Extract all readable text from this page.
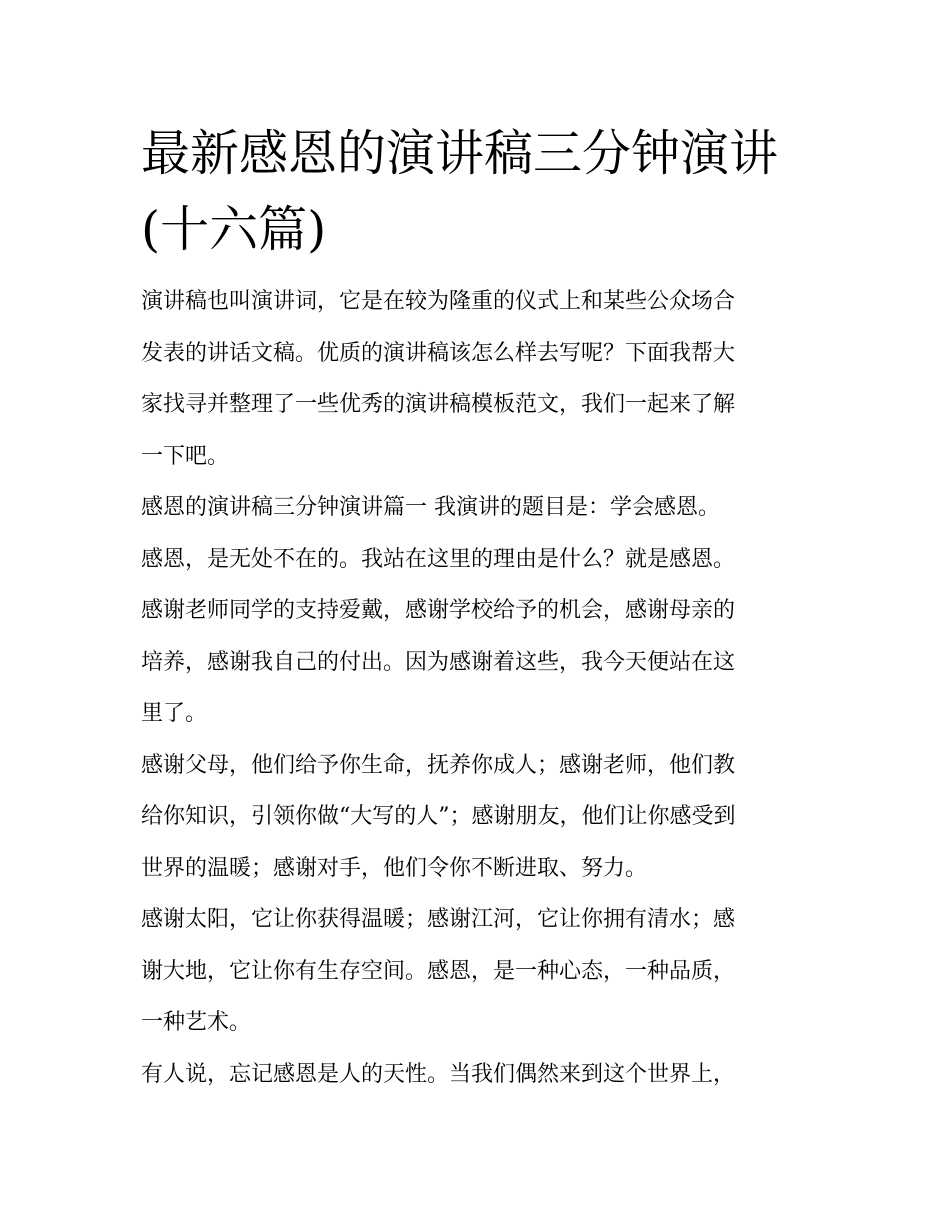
最新感恩的演讲稿三分钟演讲
(十六篇)

演讲稿也叫演讲词，它是在较为隆重的仪式上和某些公众场合
发表的讲话文稿。优质的演讲稿该怎么样去写呢？下面我帮大
家找寻并整理了一些优秀的演讲稿模板范文，我们一起来了解
一下吧。

感恩的演讲稿三分钟演讲篇一 我演讲的题目是：学会感恩。

感恩，是无处不在的。我站在这里的理由是什么？就是感恩。
感谢老师同学的支持爱戴，感谢学校给予的机会，感谢母亲的
培养，感谢我自己的付出。因为感谢着这些，我今天便站在这
里了。

感谢父母，他们给予你生命，抚养你成人；感谢老师，他们教
给你知识，引领你做“大写的人”；感谢朋友，他们让你感受到
世界的温暖；感谢对手，他们令你不断进取、努力。

感谢太阳，它让你获得温暖；感谢江河，它让你拥有清水；感
谢大地，它让你有生存空间。感恩，是一种心态，一种品质，
一种艺术。

有人说，忘记感恩是人的天性。当我们偶然来到这个世界上，
